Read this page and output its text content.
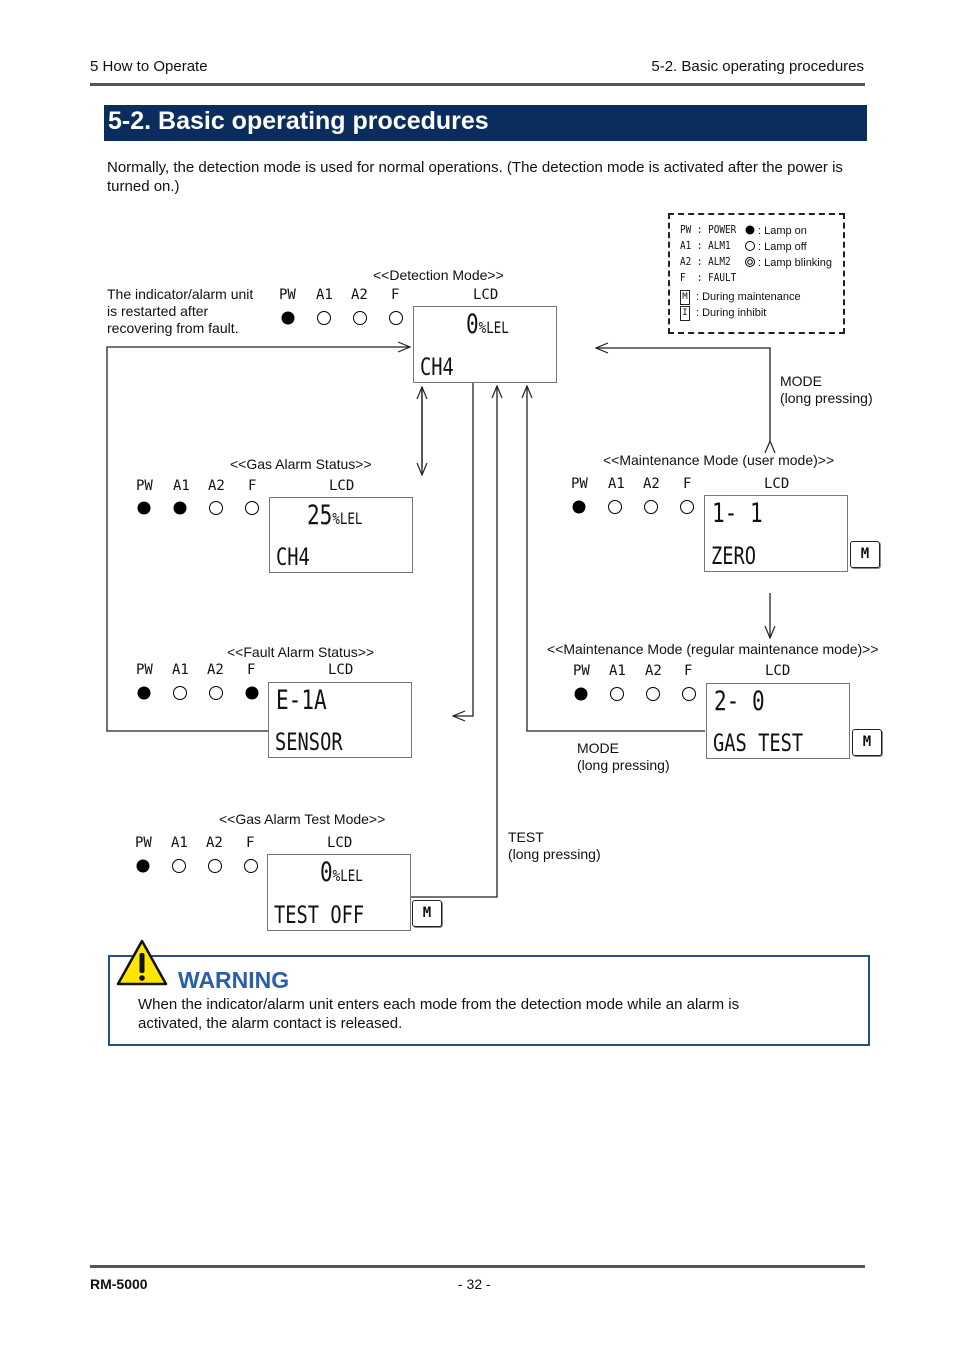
5 How to Operate	5-2. Basic operating procedures
5-2. Basic operating procedures
Normally, the detection mode is used for normal operations. (The detection mode is activated after the power is turned on.)
PW : POWER
A1 : ALM1
A2 : ALM2
F  : FAULT
: Lamp on
: Lamp off
: Lamp blinking
M : During maintenance
I : During inhibit
The indicator/alarm unit
is restarted after
recovering from fault.
MODE
(long pressing)
MODE
(long pressing)
TEST
(long pressing)
<<Detection Mode>>
PW A1 A2 F	LCD
0%LEL
CH4
<<Gas Alarm Status>>
PW A1 A2 F	LCD
25%LEL
CH4
<<Fault Alarm Status>>
PW A1 A2 F	LCD
E-1A
SENSOR
<<Gas Alarm Test Mode>>
PW A1 A2 F	LCD
0%LEL
TEST OFF	M
<<Maintenance Mode (user mode)>>
PW A1 A2 F	LCD
1- 1
ZERO	M
<<Maintenance Mode (regular maintenance mode)>>
PW A1 A2 F	LCD
2- 0
GAS TEST	M
WARNING
When the indicator/alarm unit enters each mode from the detection mode while an alarm is
activated, the alarm contact is released.
RM-5000	- 32 -
